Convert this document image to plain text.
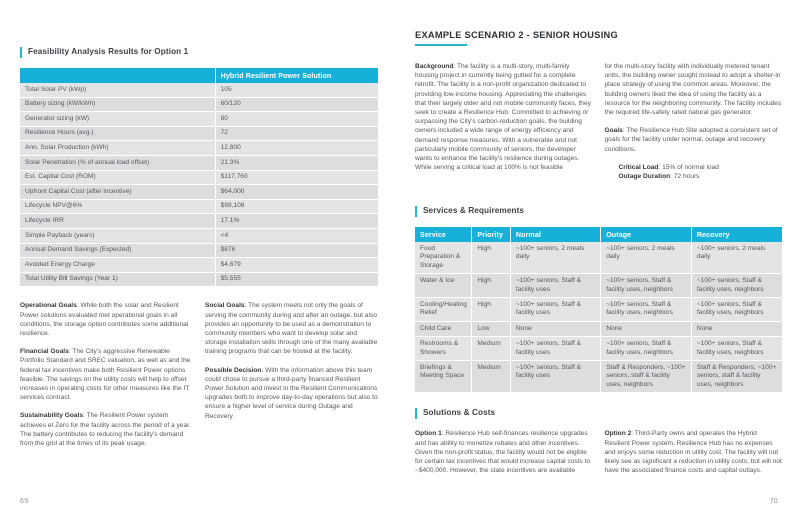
Feasibility Analysis Results for Option 1
	Hybrid Resilient Power Solution
Total Solar PV (kWp)	105
Battery sizing (kW/kWh)	60/120
Generator sizing (kW)	80
Resilience Hours (avg.)	72
Ann. Solar Production (kWh)	12,800
Solar Penetration (% of annual load offset)	21.3%
Est. Capital Cost (ROM)	$117,760
Upfront Capital Cost (after incentive)	$64,000
Lifecycle NPV@6%	$98,108
Lifecycle IRR	17.1%
Simple Payback (years)	<4
Annual Demand Savings (Expected)	$876
Avoided Energy Charge	$4,679
Total Utility Bill Savings (Year 1)	$5,555

Operational Goals: While both the solar and Resilient Power solutions evaluated met operational goals in all conditions, the storage option contributes some additional resilience.

Financial Goals: The City's aggressive Renewable Portfolio Standard and SREC valuation, as well as and the federal tax incentives make both Resilient Power options feasible. The savings on the utility costs will help to offset increases in operating costs for other measures like the IT services contract.

Sustainability Goals: The Resilient Power system achieves et Zero for the facility across the period of a year. The battery contributes to reducing the facility's demand from the grid at the times of its peak usage.

Social Goals: The system meets not only the goals of serving the community during and after an outage, but also provides an opportunity to be used as a demonstration to community members who want to develop solar and storage installation skills through one of the many available training programs that can be hosted at the facility.

Possible Decision: With the information above this team could chose to pursue a third-party financed Resilient Power Solution and invest in the Resilient Communications upgrades both to improve day-to-day operations but also to ensure a higher level of service during Outage and Recovery.

69
EXAMPLE SCENARIO 2 - SENIOR HOUSING

Background: The facility is a multi-story, multi-family housing project in currently being gutted for a complete retrofit. The facility is a non-profit organization dedicated to providing low-income housing. Appreciating the challenges that their largely older and not mobile community faces, they seek to create a Resilience Hub. Committed to achieving or surpassing the City's carbon-reduction goals, the building owners included a wide range of energy efficiency and demand response measures. With a vulnerable and not particularly mobile community of seniors, the developer wants to enhance the facility's resilience during outages. While serving a critical load at 100% is not feasible

for the multi-story facility with individually metered tenant units, the building owner sought instead to adopt a shelter-in place strategy of using the common areas. Moreover, the building owners liked the idea of using the facility as a resource for the neighboring community. The facility includes the required life-safety rated natural gas generator.

Goals: The Resilience Hub Site adopted a consistent set of goals for the facility under normal, outage and recovery conditions.

Critical Load: 15% of normal load

Outage Duration: 72 hours

Services & Requirements
Service	Priority	Normal	Outage	Recovery
Food Preparation & Storage	High	~100+ seniors, 2 meals daily	~100+ seniors, 2 meals daily	~100+ seniors, 2 meals daily
Water & Ice	High	~100+ seniors, Staff & facility uses	~100+ seniors, Staff & facility uses, neighbors	~100+ seniors, Staff & facility uses, neighbors
Cooling/Heating Relief	High	~100+ seniors, Staff & facility uses	~100+ seniors, Staff & facility uses, neighbors	~100+ seniors, Staff & facility uses, neighbors
Child Care	Low	None	None	None
Restrooms & Showers	Medium	~100+ seniors, Staff & facility uses	~100+ seniors, Staff & facility uses, neighbors	~100+ seniors, Staff & facility uses, neighbors
Briefings & Meeting Space	Medium	~100+ seniors, Staff & facility uses	Staff & Responders, ~100+ seniors, staff & facility uses, neighbors	Staff & Responders, ~100+ seniors, staff & facility uses, neighbors
Solutions & Costs

Option 1: Resilience Hub self-finances resilience upgrades and has ability to monetize rebates and other incentives. Given the non-profit status, the facility would not be eligible for certain tax incentives that would increase capital costs to ~$400,000. However, the state incentives are available

Option 2: Third-Party owns and operates the Hybrid Resilient Power system. Resilience Hub has no expenses and enjoys some reduction in utility cost. The facility will not likely see as significant a reduction in utility costs, but will not have the associated finance costs and capital outlays.

70
